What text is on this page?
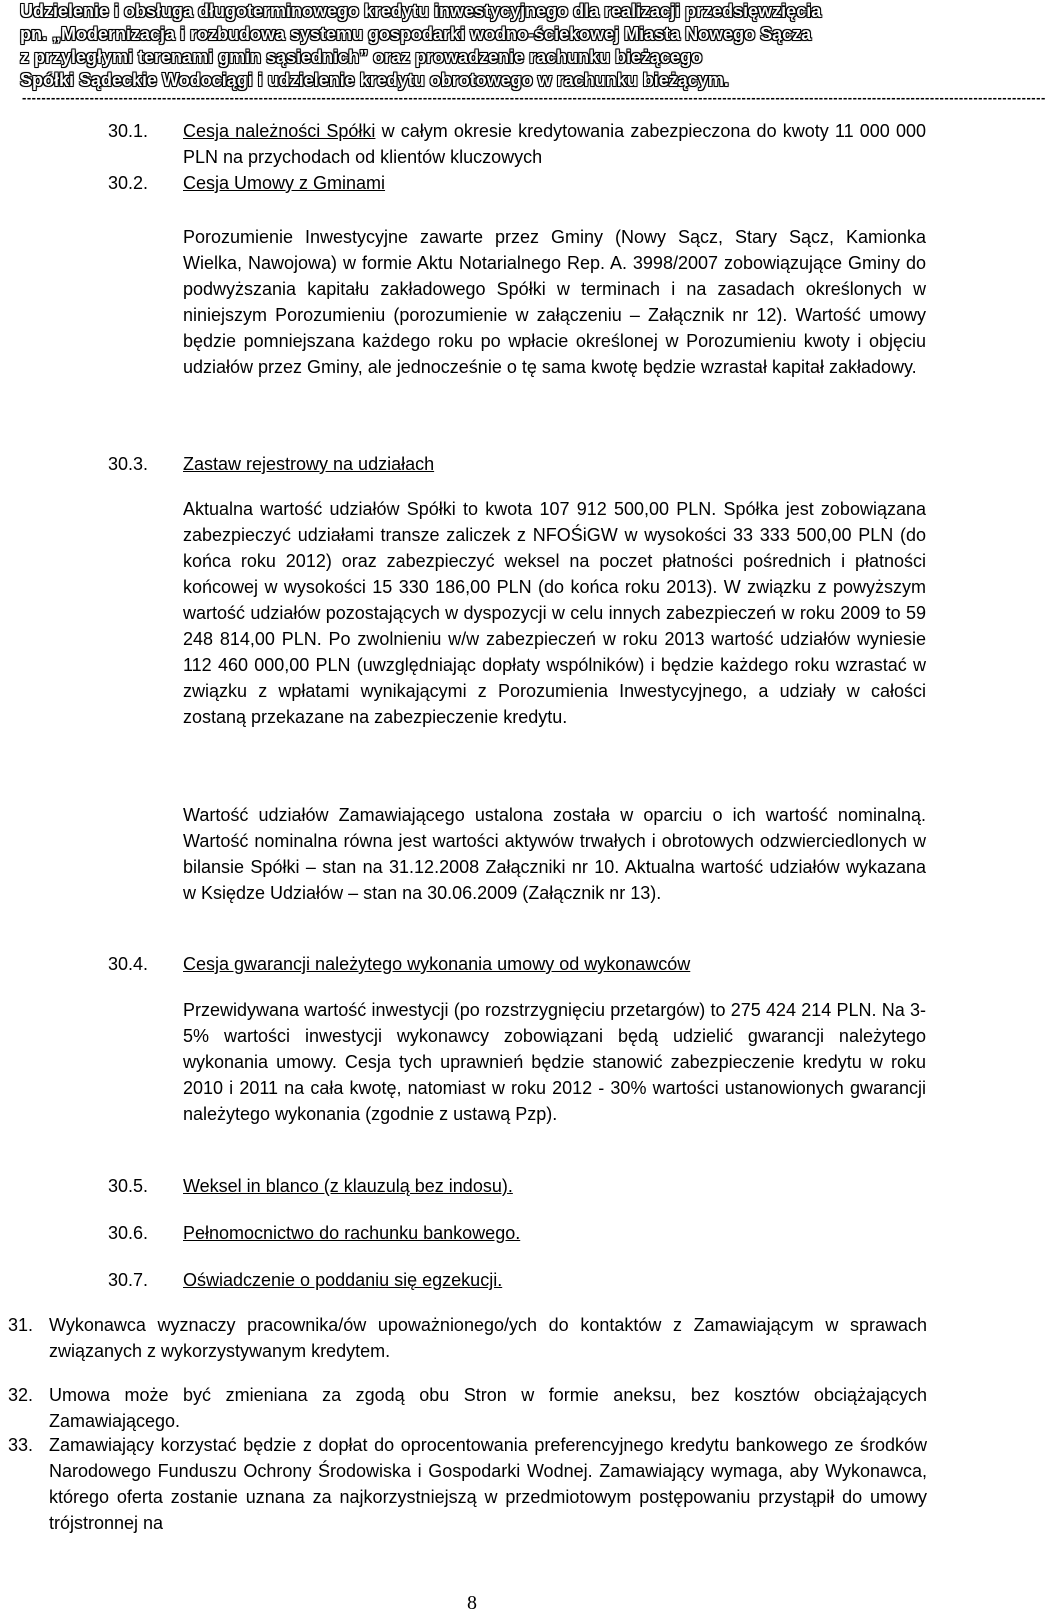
Udzielenie i obsługa długoterminowego kredytu inwestycyjnego dla realizacji przedsięwzięcia
pn. „Modernizacja i rozbudowa systemu gospodarki wodno-ściekowej Miasta Nowego Sącza
z przyległymi terenami gmin sąsiednich” oraz prowadzenie rachunku bieżącego
Spółki Sądeckie Wodociągi i udzielenie kredytu obrotowego w rachunku bieżącym.
--------------------------------------------------------------------------------------------------------------------------------------------------------------------------------------------------------------------
30.1. Cesja należności Spółki w całym okresie kredytowania zabezpieczona do kwoty 11 000 000 PLN na przychodach od klientów kluczowych
30.2. Cesja Umowy z Gminami
Porozumienie Inwestycyjne zawarte przez Gminy (Nowy Sącz, Stary Sącz, Kamionka Wielka, Nawojowa) w formie Aktu Notarialnego Rep. A. 3998/2007 zobowiązujące Gminy do podwyższania kapitału zakładowego Spółki w terminach i na zasadach określonych w niniejszym Porozumieniu (porozumienie w załączeniu – Załącznik nr 12). Wartość umowy będzie pomniejszana każdego roku po wpłacie określonej w Porozumieniu kwoty i objęciu udziałów przez Gminy, ale jednocześnie o tę sama kwotę będzie wzrastał kapitał zakładowy.
30.3. Zastaw rejestrowy na udziałach
Aktualna wartość udziałów Spółki to kwota 107 912 500,00 PLN. Spółka jest zobowiązana zabezpieczyć udziałami transze zaliczek z NFOŚiGW w wysokości 33 333 500,00 PLN (do końca roku 2012) oraz zabezpieczyć weksel na poczet płatności pośrednich i płatności końcowej w wysokości 15 330 186,00 PLN (do końca roku 2013). W związku z powyższym wartość udziałów pozostających w dyspozycji w celu innych zabezpieczeń w roku 2009 to 59 248 814,00 PLN. Po zwolnieniu w/w zabezpieczeń w roku 2013 wartość udziałów wyniesie 112 460 000,00 PLN (uwzględniając dopłaty wspólników) i będzie każdego roku wzrastać w związku z wpłatami wynikającymi z Porozumienia Inwestycyjnego, a udziały w całości zostaną przekazane na zabezpieczenie kredytu.
Wartość udziałów Zamawiającego ustalona została w oparciu o ich wartość nominalną. Wartość nominalna równa jest wartości aktywów trwałych i obrotowych odzwierciedlonych w bilansie Spółki – stan na 31.12.2008 Załączniki nr 10. Aktualna wartość udziałów wykazana w Księdze Udziałów – stan na 30.06.2009 (Załącznik nr 13).
30.4. Cesja gwarancji należytego wykonania umowy od wykonawców
Przewidywana wartość inwestycji (po rozstrzygnięciu przetargów) to 275 424 214 PLN. Na 3-5% wartości inwestycji wykonawcy zobowiązani będą udzielić gwarancji należytego wykonania umowy. Cesja tych uprawnień będzie stanowić zabezpieczenie kredytu w roku 2010 i 2011 na cała kwotę, natomiast w roku 2012 - 30% wartości ustanowionych gwarancji należytego wykonania (zgodnie z ustawą Pzp).
30.5. Weksel in blanco (z klauzulą bez indosu).
30.6. Pełnomocnictwo do rachunku bankowego.
30.7. Oświadczenie o poddaniu się egzekucji.
31. Wykonawca wyznaczy pracownika/ów upoważnionego/ych do kontaktów z Zamawiającym w sprawach związanych z wykorzystywanym kredytem.
32. Umowa może być zmieniana za zgodą obu Stron w formie aneksu, bez kosztów obciążających Zamawiającego.
33. Zamawiający korzystać będzie z dopłat do oprocentowania preferencyjnego kredytu bankowego ze środków Narodowego Funduszu Ochrony Środowiska i Gospodarki Wodnej. Zamawiający wymaga, aby Wykonawca, którego oferta zostanie uznana za najkorzystniejszą w przedmiotowym postępowaniu przystąpił do umowy trójstronnej na
8
